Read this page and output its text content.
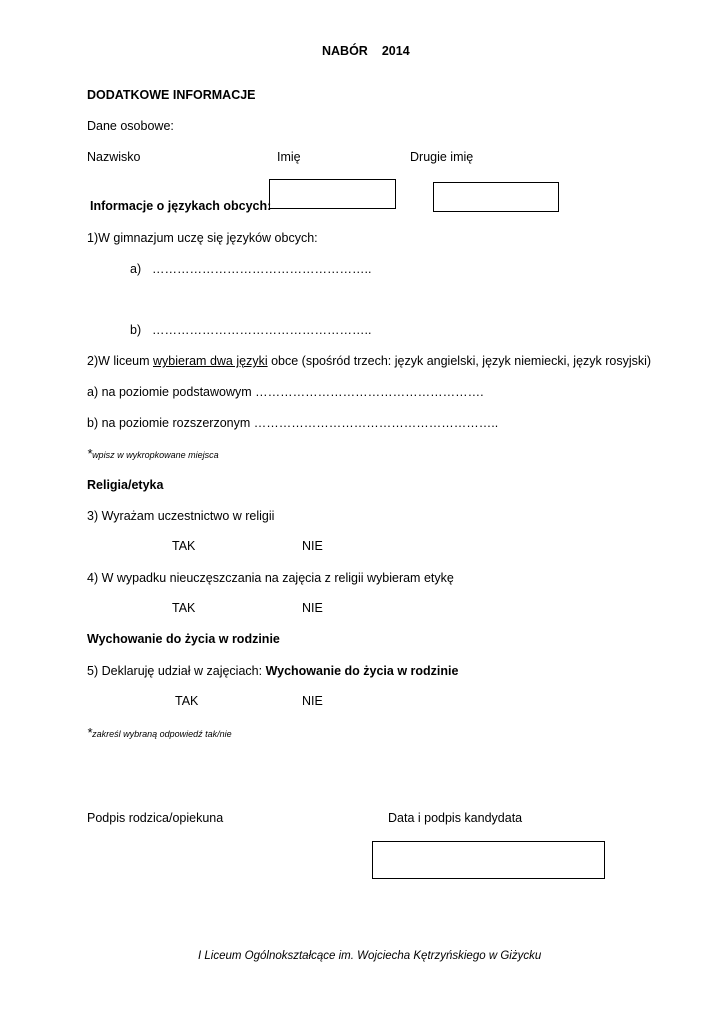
NABÓR 2014
DODATKOWE INFORMACJE
Dane osobowe:
Nazwisko	Imię	Drugie imię
Informacje o językach obcych:
1)W gimnazjum uczę się języków obcych:
a) ……………………………………………..
b) ……………………………………………..
2)W liceum wybieram dwa języki obce (spośród trzech: język angielski, język niemiecki, język rosyjski)
a) na poziomie podstawowym ……………………………………………….
b) na poziomie rozszerzonym …………………………………………………..
*wpisz w wykropkowane miejsca
Religia/etyka
3) Wyrażam uczestnictwo w religii
TAK	NIE
4) W wypadku nieuczęszczania na zajęcia z religii wybieram etykę
TAK	NIE
Wychowanie do życia w rodzinie
5) Deklaruję udział w zajęciach: Wychowanie do życia w rodzinie
TAK	NIE
*zakreśl wybraną odpowiedź tak/nie
Podpis rodzica/opiekuna	Data i podpis kandydata
I Liceum Ogólnokształcące im. Wojciecha Kętrzyńskiego w Giżycku
